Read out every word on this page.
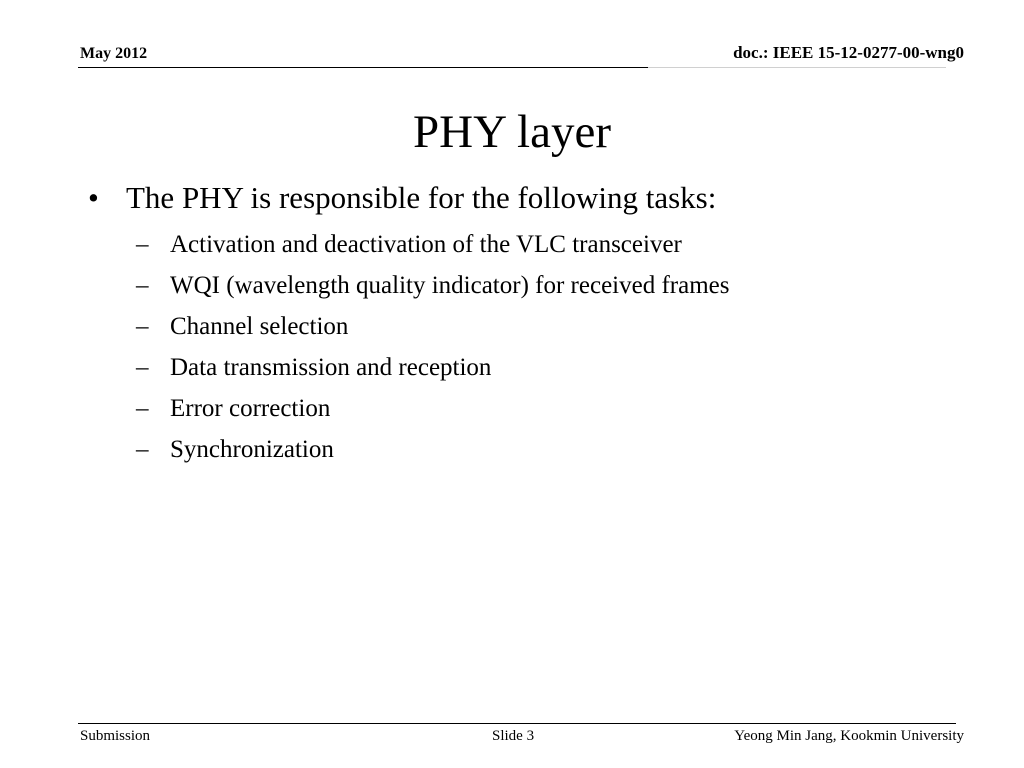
May 2012	doc.: IEEE 15-12-0277-00-wng0
PHY layer
• The PHY is responsible for the following tasks:
– Activation and deactivation of the VLC transceiver
– WQI (wavelength quality indicator) for received frames
– Channel selection
– Data transmission and reception
– Error correction
– Synchronization
Submission	Slide 3	Yeong Min Jang, Kookmin University
